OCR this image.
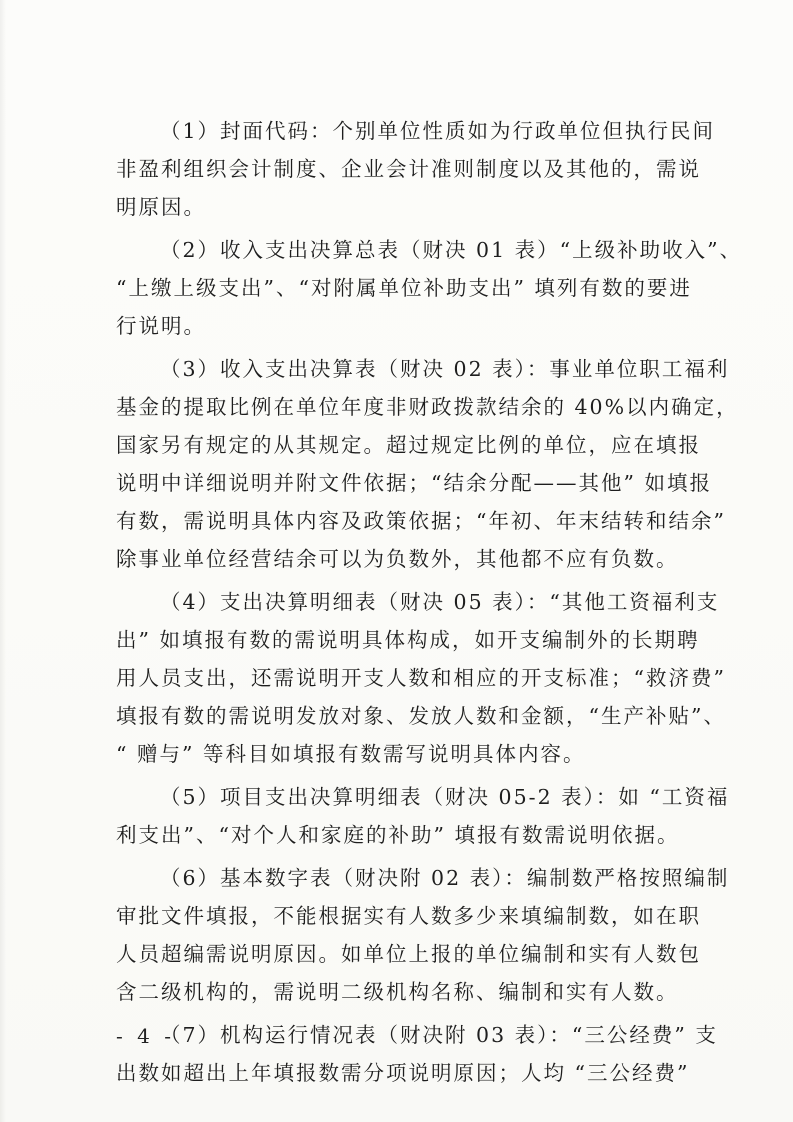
（1）封面代码：个别单位性质如为行政单位但执行民间
非盈利组织会计制度、企业会计准则制度以及其他的，需说
明原因。

（2）收入支出决算总表（财决 01 表）“上级补助收入”、
“上缴上级支出”、“对附属单位补助支出” 填列有数的要进
行说明。

（3）收入支出决算表（财决 02 表）：事业单位职工福利
基金的提取比例在单位年度非财政拨款结余的 40%以内确定，
国家另有规定的从其规定。超过规定比例的单位，应在填报
说明中详细说明并附文件依据；“结余分配——其他” 如填报
有数，需说明具体内容及政策依据；“年初、年末结转和结余”
除事业单位经营结余可以为负数外，其他都不应有负数。

（4）支出决算明细表（财决 05 表）：“其他工资福利支
出” 如填报有数的需说明具体构成，如开支编制外的长期聘
用人员支出，还需说明开支人数和相应的开支标准；“救济费”
填报有数的需说明发放对象、发放人数和金额，“生产补贴”、
“ 赠与” 等科目如填报有数需写说明具体内容。

（5）项目支出决算明细表（财决 05-2 表）：如 “工资福
利支出”、“对个人和家庭的补助” 填报有数需说明依据。

（6）基本数字表（财决附 02 表）：编制数严格按照编制
审批文件填报，不能根据实有人数多少来填编制数，如在职
人员超编需说明原因。如单位上报的单位编制和实有人数包
含二级机构的，需说明二级机构名称、编制和实有人数。

（7）机构运行情况表（财决附 03 表）：“三公经费” 支
出数如超出上年填报数需分项说明原因；人均 “三公经费”

- 4 -
